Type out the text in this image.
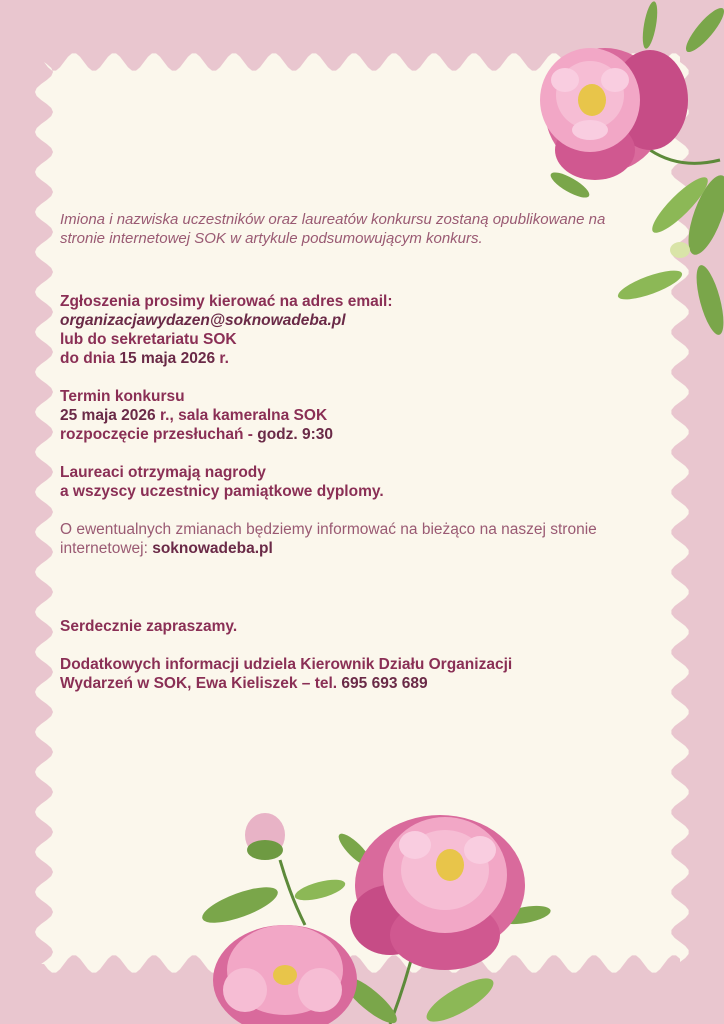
Imiona i nazwiska uczestników oraz laureatów konkursu zostaną opublikowane na stronie internetowej SOK w artykule podsumowującym konkurs.

Zgłoszenia prosimy kierować na adres email:
organizacjawydazen@soknowadeba.pl
lub do sekretariatu SOK
do dnia 15 maja 2026 r.
Termin konkursu
25 maja 2026 r., sala kameralna SOK
rozpoczęcie przesłuchań - godz. 9:30
Laureaci otrzymają nagrody
a wszyscy uczestnicy pamiątkowe dyplomy.
O ewentualnych zmianach będziemy informować na bieżąco na naszej stronie internetowej: soknowadeba.pl
Serdecznie zapraszamy.
Dodatkowych informacji udziela Kierownik Działu Organizacji
Wydarzeń w SOK, Ewa Kieliszek – tel. 695 693 689
